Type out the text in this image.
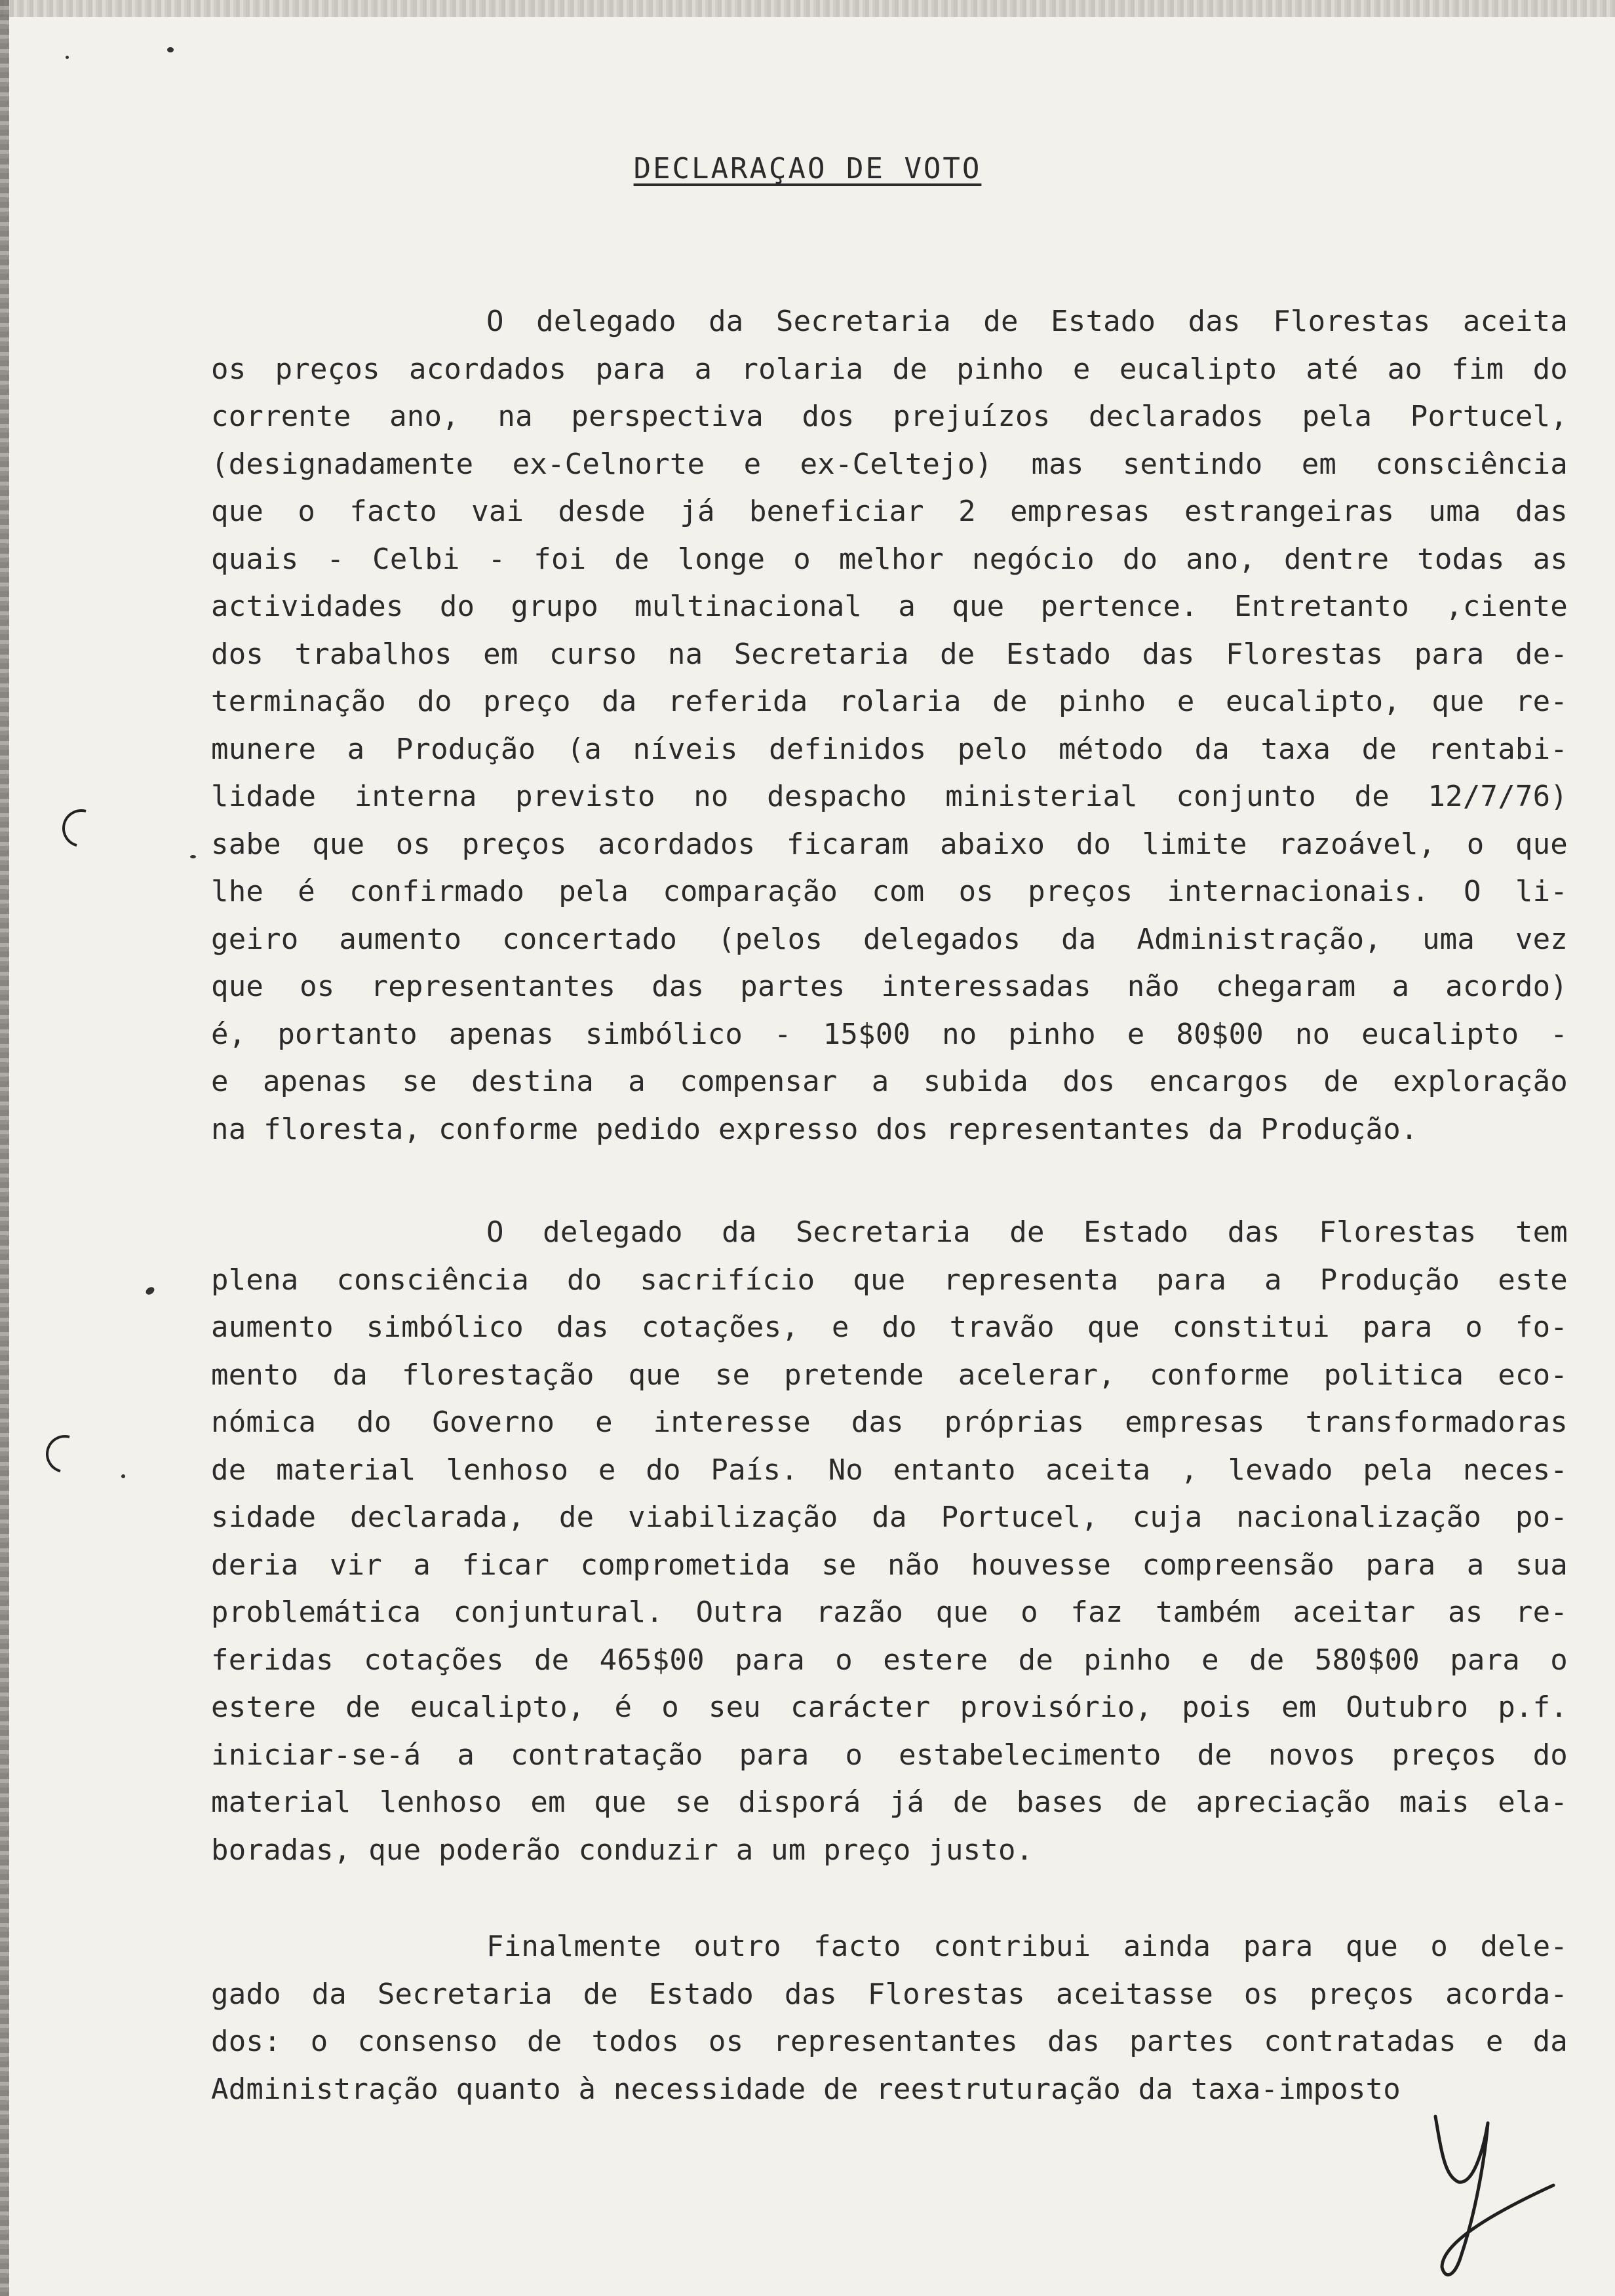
DECLARAÇAO DE VOTO
O delegado da Secretaria de Estado das Florestas aceita
os preços acordados para a rolaria de pinho e eucalipto até ao fim do
corrente ano, na perspectiva dos prejuízos declarados pela Portucel,
(designadamente ex-Celnorte e ex-Celtejo) mas sentindo em consciência
que o facto vai desde já beneficiar 2 empresas estrangeiras uma das
quais - Celbi - foi de longe o melhor negócio do ano, dentre todas as
actividades do grupo multinacional a que pertence. Entretanto ,ciente
dos trabalhos em curso na Secretaria de Estado das Florestas para de-
terminação do preço da referida rolaria de pinho e eucalipto, que re-
munere a Produção (a níveis definidos pelo método da taxa de rentabi-
lidade interna previsto no despacho ministerial conjunto de 12/7/76)
sabe que os preços acordados ficaram abaixo do limite razoável, o que
lhe é confirmado pela comparação com os preços internacionais. O li-
geiro aumento concertado (pelos delegados da Administração, uma vez
que os representantes das partes interessadas não chegaram a acordo)
é, portanto apenas simbólico - 15$00 no pinho e 80$00 no eucalipto -
e apenas se destina a compensar a subida dos encargos de exploração
na floresta, conforme pedido expresso dos representantes da Produção.
O delegado da Secretaria de Estado das Florestas tem
plena consciência do sacrifício que representa para a Produção este
aumento simbólico das cotações, e do travão que constitui para o fo-
mento da florestação que se pretende acelerar, conforme politica eco-
nómica do Governo e interesse das próprias empresas transformadoras
de material lenhoso e do País. No entanto aceita , levado pela neces-
sidade declarada, de viabilização da Portucel, cuja nacionalização po-
deria vir a ficar comprometida se não houvesse compreensão para a sua
problemática conjuntural. Outra razão que o faz também aceitar as re-
feridas cotações de 465$00 para o estere de pinho e de 580$00 para o
estere de eucalipto, é o seu carácter provisório, pois em Outubro p.f.
iniciar-se-á a contratação para o estabelecimento de novos preços do
material lenhoso em que se disporá já de bases de apreciação mais ela-
boradas, que poderão conduzir a um preço justo.
Finalmente outro facto contribui ainda para que o dele-
gado da Secretaria de Estado das Florestas aceitasse os preços acorda-
dos: o consenso de todos os representantes das partes contratadas e da
Administração quanto à necessidade de reestruturação da taxa-imposto
